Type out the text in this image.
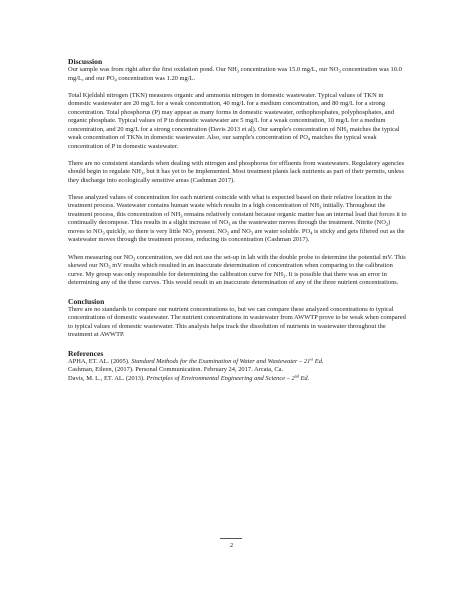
Discussion

Our sample was from right after the first oxidation pond. Our $NH_3$ concentration was 15.0 mg/L, our $NO_3$ concentration was 10.0 mg/L, and our $PO_4$ concentration was 1.20 mg/L.

Total Kjeldahl nitrogen (TKN) measures organic and ammonia nitrogen in domestic wastewater. Typical values of TKN in domestic wastewater are 20 mg/L for a weak concentration, 40 mg/L for a medium concentration, and 80 mg/L for a strong concentration. Total phosphorus (P) may appear as many forms in domestic wastewater, orthophosphates, polyphosphates, and organic phosphate. Typical values of P in domestic wastewater are 5 mg/L for a weak concentration, 10 mg/L for a medium concentration, and 20 mg/L for a strong concentration (Davis 2013 et al). Our sample's concentration of $NH_3$ matches the typical weak concentration of TKNs in domestic wastewater. Also, our sample's concentration of $PO_4$ matches the typical weak concentration of P in domestic wastewater.

There are no consistent standards when dealing with nitrogen and phosphorus for effluents from wastewaters. Regulatory agencies should begin to regulate NH₃, but it has yet to be implemented. Most treatment plants lack nutrients as part of their permits, unless they discharge into ecologically sensitive areas (Cashman 2017).

These analyzed values of concentration for each nutrient coincide with what is expected based on their relative location in the treatment process. Wastewater contains human waste which results in a high concentration of $NH_3$ initially. Throughout the treatment process, this concentration of $NH_3$ remains relatively constant because organic matter has an internal load that forces it to continually decompose. This results in a slight increase of $NO_3$ as the wastewater moves through the treatment. Nitrite $(NO_2)$ moves to $NO_3$ quickly, so there is very little $NO_2$ present. $NO_2$ and $NO_3$ are water soluble. $PO_4$ is sticky and gets filtered out as the wastewater moves through the treatment process, reducing its concentration (Cashman 2017).

When measuring our $NO_3$ concentration, we did not use the set-up in lab with the double probe to determine the potential mV. This skewed our $NO_3$ mV results which resulted in an inaccurate determination of concentration when comparing to the calibration curve. My group was only responsible for determining the calibration curve for $NH_3$. It is possible that there was an error in determining any of the three curves. This would result in an inaccurate determination of any of the three nutrient concentrations.

Conclusion

There are no standards to compare our nutrient concentrations to, but we can compare these analyzed concentrations to typical concentrations of domestic wastewater. The nutrient concentrations in wastewater from AWWTP prove to be weak when compared to typical values of domestic wastewater. This analysis helps track the dissolution of nutrients in wastewater throughout the treatment at AWWTP.

References

APHA, ET. AL. (2005). Standard Methods for the Examination of Water and Wastewater – 21st Ed.

Cashman, Eileen, (2017). Personal Communication. February 24, 2017. Arcata, Ca.

Davis, M. L., ET. AL. (2013). Principles of Environmental Engineering and Science – 2nd Ed.

2
